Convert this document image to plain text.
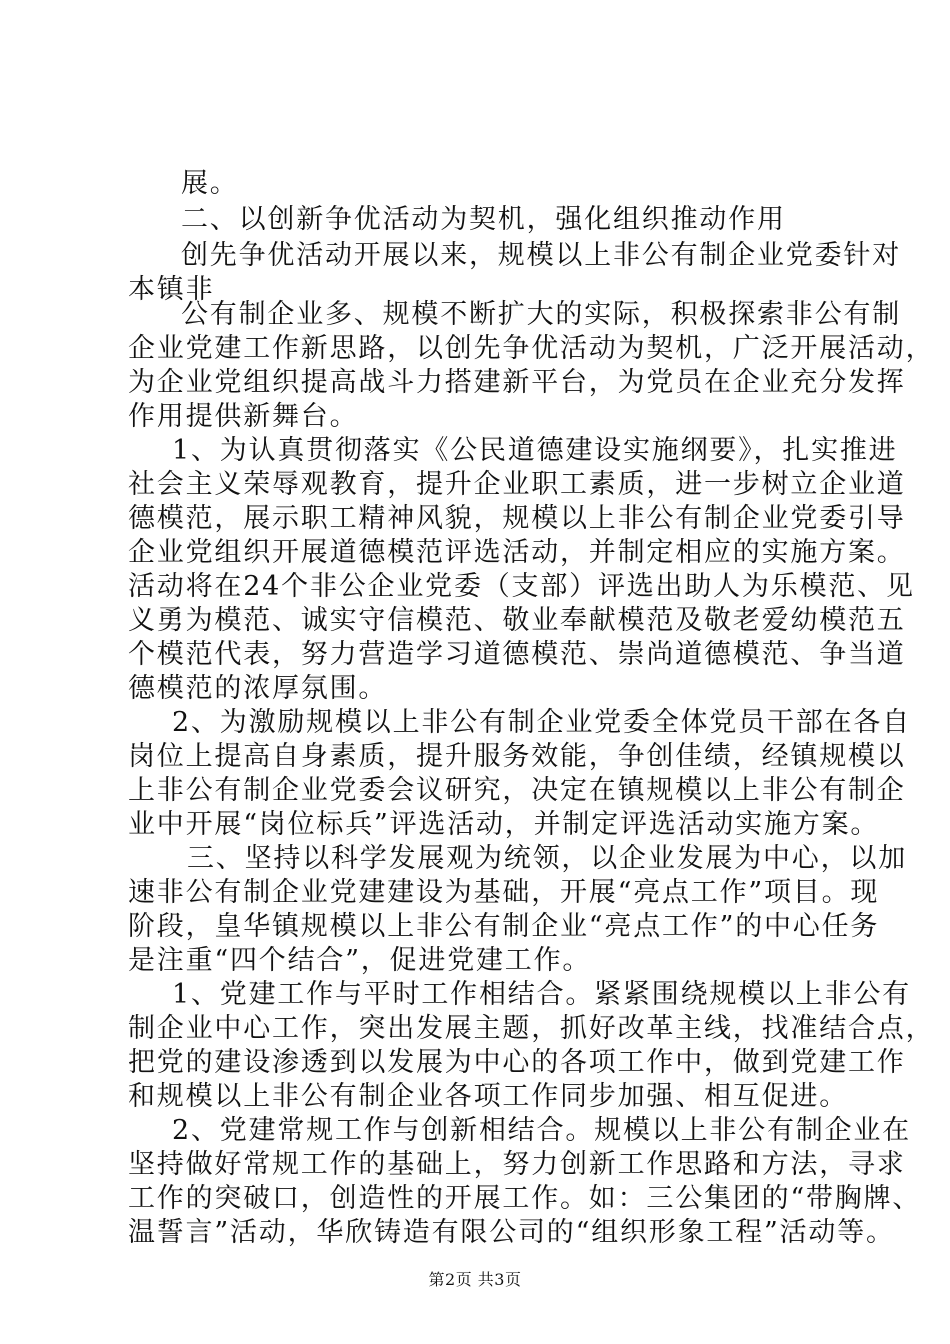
展。
二、以创新争优活动为契机，强化组织推动作用
创先争优活动开展以来，规模以上非公有制企业党委针对
本镇非
公有制企业多、规模不断扩大的实际，积极探索非公有制
企业党建工作新思路，以创先争优活动为契机，广泛开展活动，
为企业党组织提高战斗力搭建新平台，为党员在企业充分发挥
作用提供新舞台。
1、为认真贯彻落实《公民道德建设实施纲要》，扎实推进
社会主义荣辱观教育，提升企业职工素质，进一步树立企业道
德模范，展示职工精神风貌，规模以上非公有制企业党委引导
企业党组织开展道德模范评选活动，并制定相应的实施方案。
活动将在24个非公企业党委（支部）评选出助人为乐模范、见
义勇为模范、诚实守信模范、敬业奉献模范及敬老爱幼模范五
个模范代表，努力营造学习道德模范、崇尚道德模范、争当道
德模范的浓厚氛围。
2、为激励规模以上非公有制企业党委全体党员干部在各自
岗位上提高自身素质，提升服务效能，争创佳绩，经镇规模以
上非公有制企业党委会议研究，决定在镇规模以上非公有制企
业中开展“岗位标兵”评选活动，并制定评选活动实施方案。
三、坚持以科学发展观为统领，以企业发展为中心，以加
速非公有制企业党建建设为基础，开展“亮点工作”项目。现
阶段，皇华镇规模以上非公有制企业“亮点工作”的中心任务
是注重“四个结合”，促进党建工作。
1、党建工作与平时工作相结合。紧紧围绕规模以上非公有
制企业中心工作，突出发展主题，抓好改革主线，找准结合点，
把党的建设渗透到以发展为中心的各项工作中，做到党建工作
和规模以上非公有制企业各项工作同步加强、相互促进。
2、党建常规工作与创新相结合。规模以上非公有制企业在
坚持做好常规工作的基础上，努力创新工作思路和方法，寻求
工作的突破口，创造性的开展工作。如：三公集团的“带胸牌、
温誓言”活动，华欣铸造有限公司的“组织形象工程”活动等。
第2页 共3页
